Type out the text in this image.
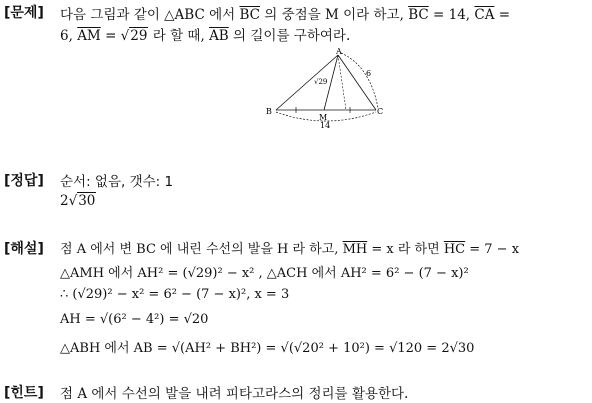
[문제] 다음 그림과 같이 △ABC 에서 $\overline{BC}$ 의 중점을 M 이라 하고, $\overline{BC} = 14$, $\overline{CA}$ =
6, $\overline{AM} = √29$ 라 할 때, $\overline{AB}$ 의 길이를 구하여라.
A
B	C
M
6
14
√29
[정답] 순서: 없음, 갯수: 1
2√30
[해설] 점 A 에서 변 BC 에 내린 수선의 발을 H 라 하고, $\overline{MH} = x$ 라 하면 $\overline{HC} = 7 - x$
△AMH 에서 AH² = (√29)² − x² , △ACH 에서 AH² = 6² − (7 − x)²
∴ (√29)² − x² = 6² − (7 − x)², x = 3
AH = √(6² − 4²) = √20
△ABH 에서 AB = √(AH² + BH²) = √(√20² + 10²) = √120 = 2√30
[힌트] 점 A 에서 수선의 발을 내려 피타고라스의 정리를 활용한다.
